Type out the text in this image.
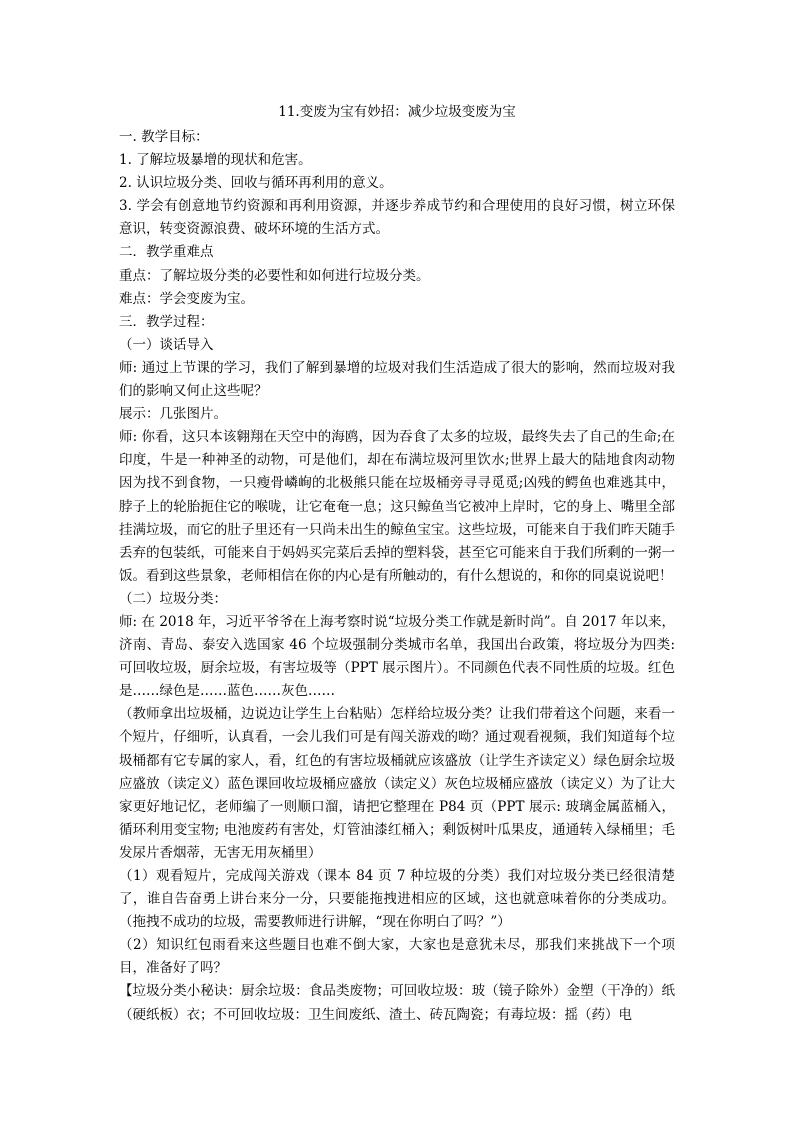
11.变废为宝有妙招：减少垃圾变废为宝

一. 教学目标：

1. 了解垃圾暴增的现状和危害。

2. 认识垃圾分类、回收与循环再利用的意义。

3. 学会有创意地节约资源和再利用资源，并逐步养成节约和合理使用的良好习惯，树立环保意识，转变资源浪费、破坏环境的生活方式。

二．教学重难点

重点：了解垃圾分类的必要性和如何进行垃圾分类。

难点：学会变废为宝。

三．教学过程：

（一）谈话导入

师: 通过上节课的学习，我们了解到暴增的垃圾对我们生活造成了很大的影响，然而垃圾对我们的影响又何止这些呢？

展示：几张图片。

师: 你看，这只本该翱翔在天空中的海鸥，因为吞食了太多的垃圾，最终失去了自己的生命;在印度，牛是一种神圣的动物，可是他们，却在布满垃圾河里饮水;世界上最大的陆地食肉动物因为找不到食物，一只瘦骨嶙峋的北极熊只能在垃圾桶旁寻寻觅觅;凶残的鳄鱼也难逃其中，脖子上的轮胎扼住它的喉咙，让它奄奄一息；这只鲸鱼当它被冲上岸时，它的身上、嘴里全部挂满垃圾，而它的肚子里还有一只尚未出生的鲸鱼宝宝。这些垃圾，可能来自于我们昨天随手丢弃的包装纸，可能来自于妈妈买完菜后丢掉的塑料袋，甚至它可能来自于我们所剩的一粥一饭。看到这些景象，老师相信在你的内心是有所触动的，有什么想说的，和你的同桌说说吧！

（二）垃圾分类：

师: 在 2018 年，习近平爷爷在上海考察时说“垃圾分类工作就是新时尚”。自 2017 年以来，济南、青岛、泰安入选国家 46 个垃圾强制分类城市名单，我国出台政策，将垃圾分为四类:可回收垃圾，厨余垃圾，有害垃圾等（PPT 展示图片）。不同颜色代表不同性质的垃圾。红色是……绿色是……蓝色……灰色……

（教师拿出垃圾桶，边说边让学生上台粘贴）怎样给垃圾分类？让我们带着这个问题，来看一个短片，仔细听，认真看，一会儿我们可是有闯关游戏的呦？通过观看视频，我们知道每个垃圾桶都有它专属的家人，看，红色的有害垃圾桶就应该盛放（让学生齐读定义）绿色厨余垃圾应盛放（读定义）蓝色课回收垃圾桶应盛放（读定义）灰色垃圾桶应盛放（读定义）为了让大家更好地记忆，老师编了一则顺口溜，请把它整理在 P84 页（PPT 展示: 玻璃金属蓝桶入，循环利用变宝物; 电池废药有害处，灯管油漆红桶入；剩饭树叶瓜果皮，通通转入绿桶里；毛发尿片香烟蒂，无害无用灰桶里）

（1）观看短片，完成闯关游戏（课本 84 页 7 种垃圾的分类）我们对垃圾分类已经很清楚了，谁自告奋勇上讲台来分一分，只要能拖拽进相应的区域，这也就意味着你的分类成功。（拖拽不成功的垃圾，需要教师进行讲解，“现在你明白了吗？”）

（2）知识红包雨看来这些题目也难不倒大家，大家也是意犹未尽，那我们来挑战下一个项目，准备好了吗？

【垃圾分类小秘诀：厨余垃圾：食品类废物；可回收垃圾：玻（镜子除外）金塑（干净的）纸（硬纸板）衣；不可回收垃圾：卫生间废纸、渣土、砖瓦陶瓷；有毒垃圾：摇（药）电
